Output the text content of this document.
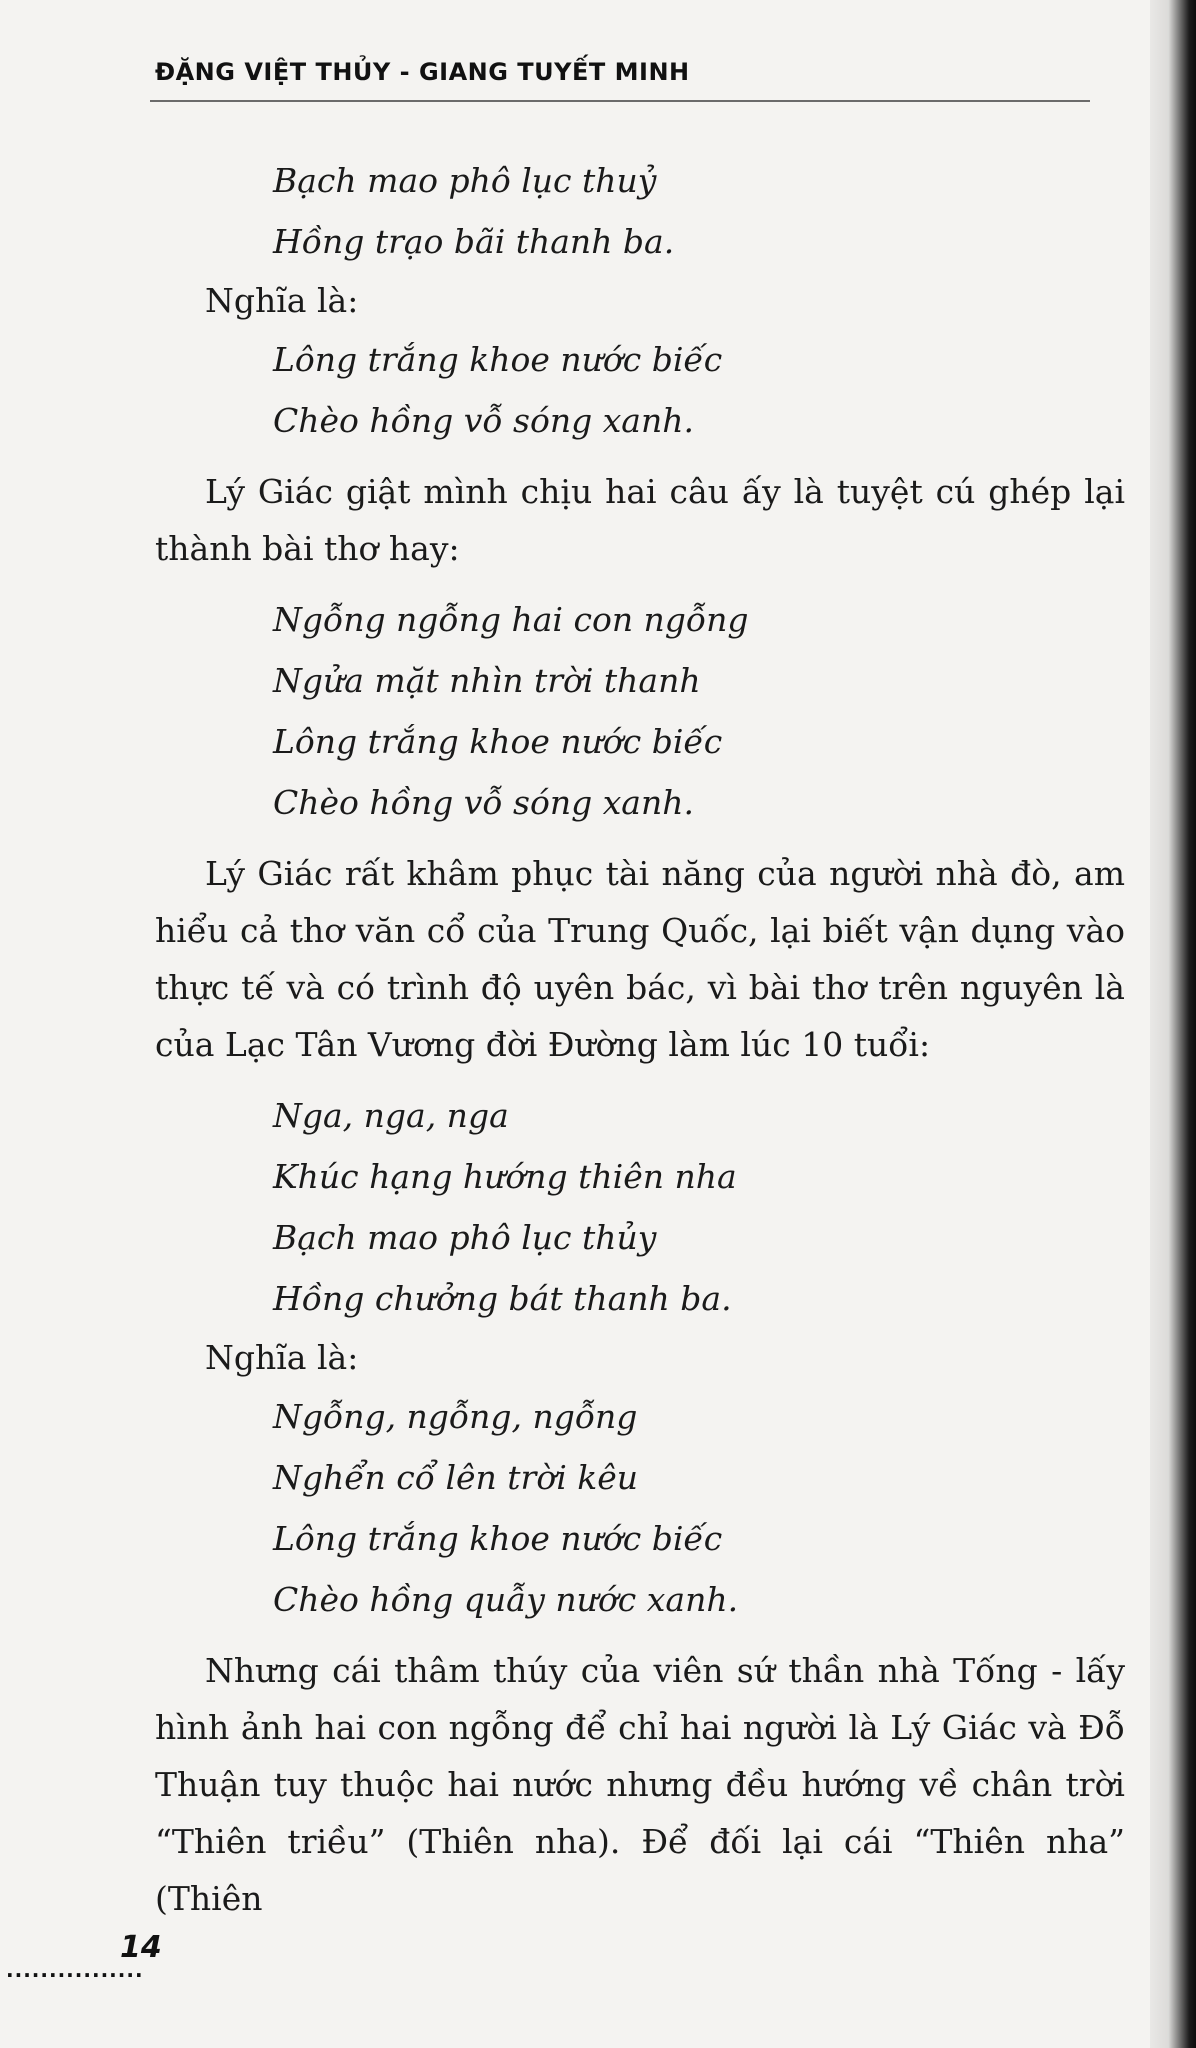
ĐẶNG VIỆT THỦY - GIANG TUYẾT MINH

Bạch mao phô lục thuỷ

Hồng trạo bãi thanh ba.

Nghĩa là:

Lông trắng khoe nước biếc

Chèo hồng vỗ sóng xanh.

Lý Giác giật mình chịu hai câu ấy là tuyệt cú ghép lại thành bài thơ hay:

Ngỗng ngỗng hai con ngỗng

Ngửa mặt nhìn trời thanh

Lông trắng khoe nước biếc

Chèo hồng vỗ sóng xanh.

Lý Giác rất khâm phục tài năng của người nhà đò, am hiểu cả thơ văn cổ của Trung Quốc, lại biết vận dụng vào thực tế và có trình độ uyên bác, vì bài thơ trên nguyên là của Lạc Tân Vương đời Đường làm lúc 10 tuổi:

Nga, nga, nga

Khúc hạng hướng thiên nha

Bạch mao phô lục thủy

Hồng chưởng bát thanh ba.

Nghĩa là:

Ngỗng, ngỗng, ngỗng

Nghển cổ lên trời kêu

Lông trắng khoe nước biếc

Chèo hồng quẫy nước xanh.

Nhưng cái thâm thúy của viên sứ thần nhà Tống - lấy hình ảnh hai con ngỗng để chỉ hai người là Lý Giác và Đỗ Thuận tuy thuộc hai nước nhưng đều hướng về chân trời “Thiên triều” (Thiên nha). Để đối lại cái “Thiên nha” (Thiên

14
................
